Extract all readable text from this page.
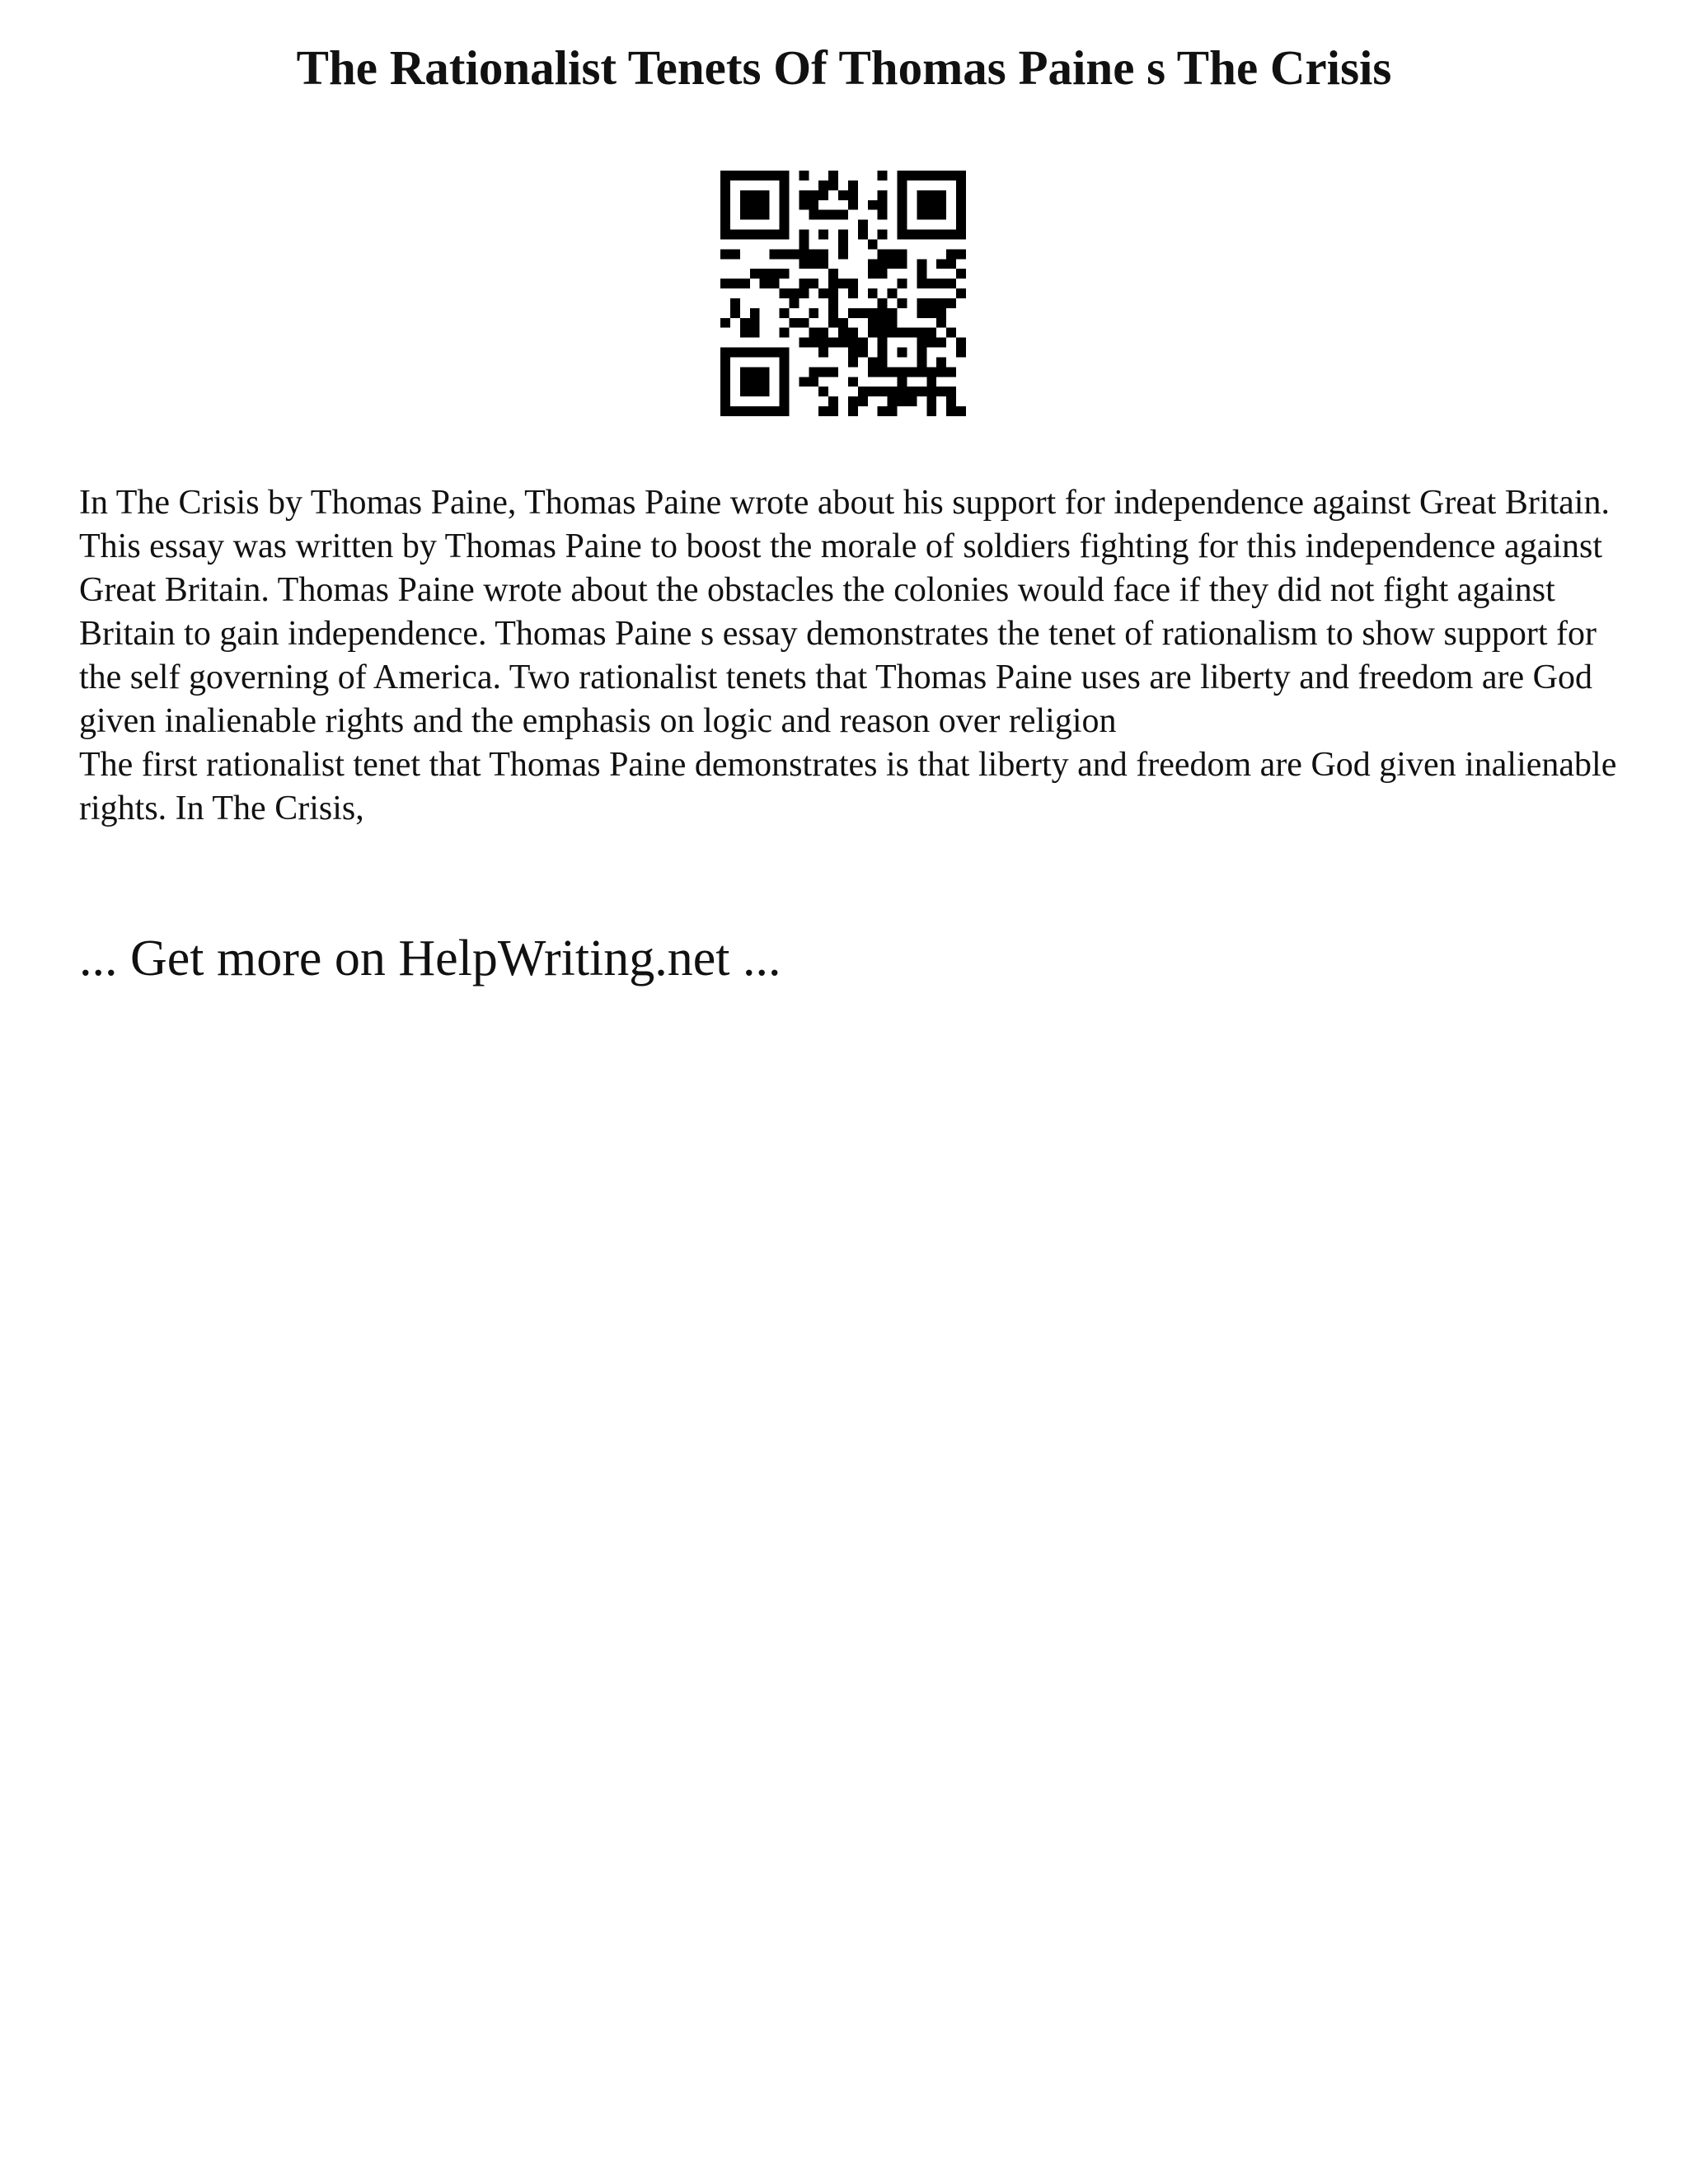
The Rationalist Tenets Of Thomas Paine s The Crisis

In The Crisis by Thomas Paine, Thomas Paine wrote about his support for independence against Great Britain. This essay was written by Thomas Paine to boost the morale of soldiers fighting for this independence against Great Britain. Thomas Paine wrote about the obstacles the colonies would face if they did not fight against Britain to gain independence. Thomas Paine s essay demonstrates the tenet of rationalism to show support for the self governing of America. Two rationalist tenets that Thomas Paine uses are liberty and freedom are God given inalienable rights and the emphasis on logic and reason over religion

The first rationalist tenet that Thomas Paine demonstrates is that liberty and freedom are God given inalienable rights. In The Crisis,

... Get more on HelpWriting.net ...
